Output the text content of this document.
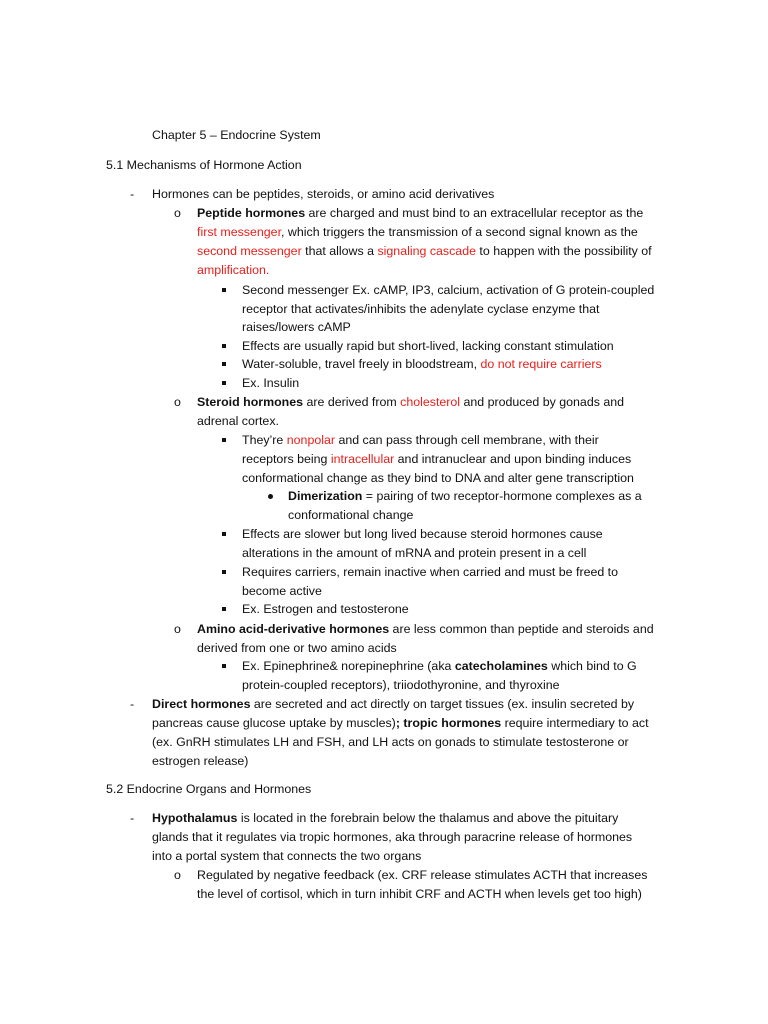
Chapter 5 – Endocrine System
5.1 Mechanisms of Hormone Action
- Hormones can be peptides, steroids, or amino acid derivatives
o Peptide hormones are charged and must bind to an extracellular receptor as the
first messenger, which triggers the transmission of a second signal known as the
second messenger that allows a signaling cascade to happen with the possibility of
amplification.
Second messenger Ex. cAMP, IP3, calcium, activation of G protein-coupled
receptor that activates/inhibits the adenylate cyclase enzyme that
raises/lowers cAMP
Effects are usually rapid but short-lived, lacking constant stimulation
Water-soluble, travel freely in bloodstream, do not require carriers
Ex. Insulin
o Steroid hormones are derived from cholesterol and produced by gonads and
adrenal cortex.
They’re nonpolar and can pass through cell membrane, with their
receptors being intracellular and intranuclear and upon binding induces
conformational change as they bind to DNA and alter gene transcription
Dimerization = pairing of two receptor-hormone complexes as a
conformational change
Effects are slower but long lived because steroid hormones cause
alterations in the amount of mRNA and protein present in a cell
Requires carriers, remain inactive when carried and must be freed to
become active
Ex. Estrogen and testosterone
o Amino acid-derivative hormones are less common than peptide and steroids and
derived from one or two amino acids
Ex. Epinephrine& norepinephrine (aka catecholamines which bind to G
protein-coupled receptors), triiodothyronine, and thyroxine
- Direct hormones are secreted and act directly on target tissues (ex. insulin secreted by
pancreas cause glucose uptake by muscles); tropic hormones require intermediary to act
(ex. GnRH stimulates LH and FSH, and LH acts on gonads to stimulate testosterone or
estrogen release)
5.2 Endocrine Organs and Hormones
- Hypothalamus is located in the forebrain below the thalamus and above the pituitary
glands that it regulates via tropic hormones, aka through paracrine release of hormones
into a portal system that connects the two organs
o Regulated by negative feedback (ex. CRF release stimulates ACTH that increases
the level of cortisol, which in turn inhibit CRF and ACTH when levels get too high)
